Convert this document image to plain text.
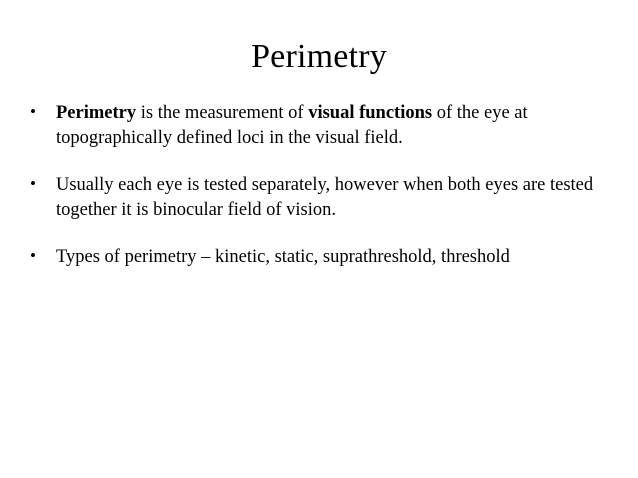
Perimetry
•	Perimetry is the measurement of visual functions of the eye at topographically defined loci in the visual field.
•	Usually each eye is tested separately, however when both eyes are tested together it is binocular field of vision.
•	Types of perimetry – kinetic, static, suprathreshold, threshold
